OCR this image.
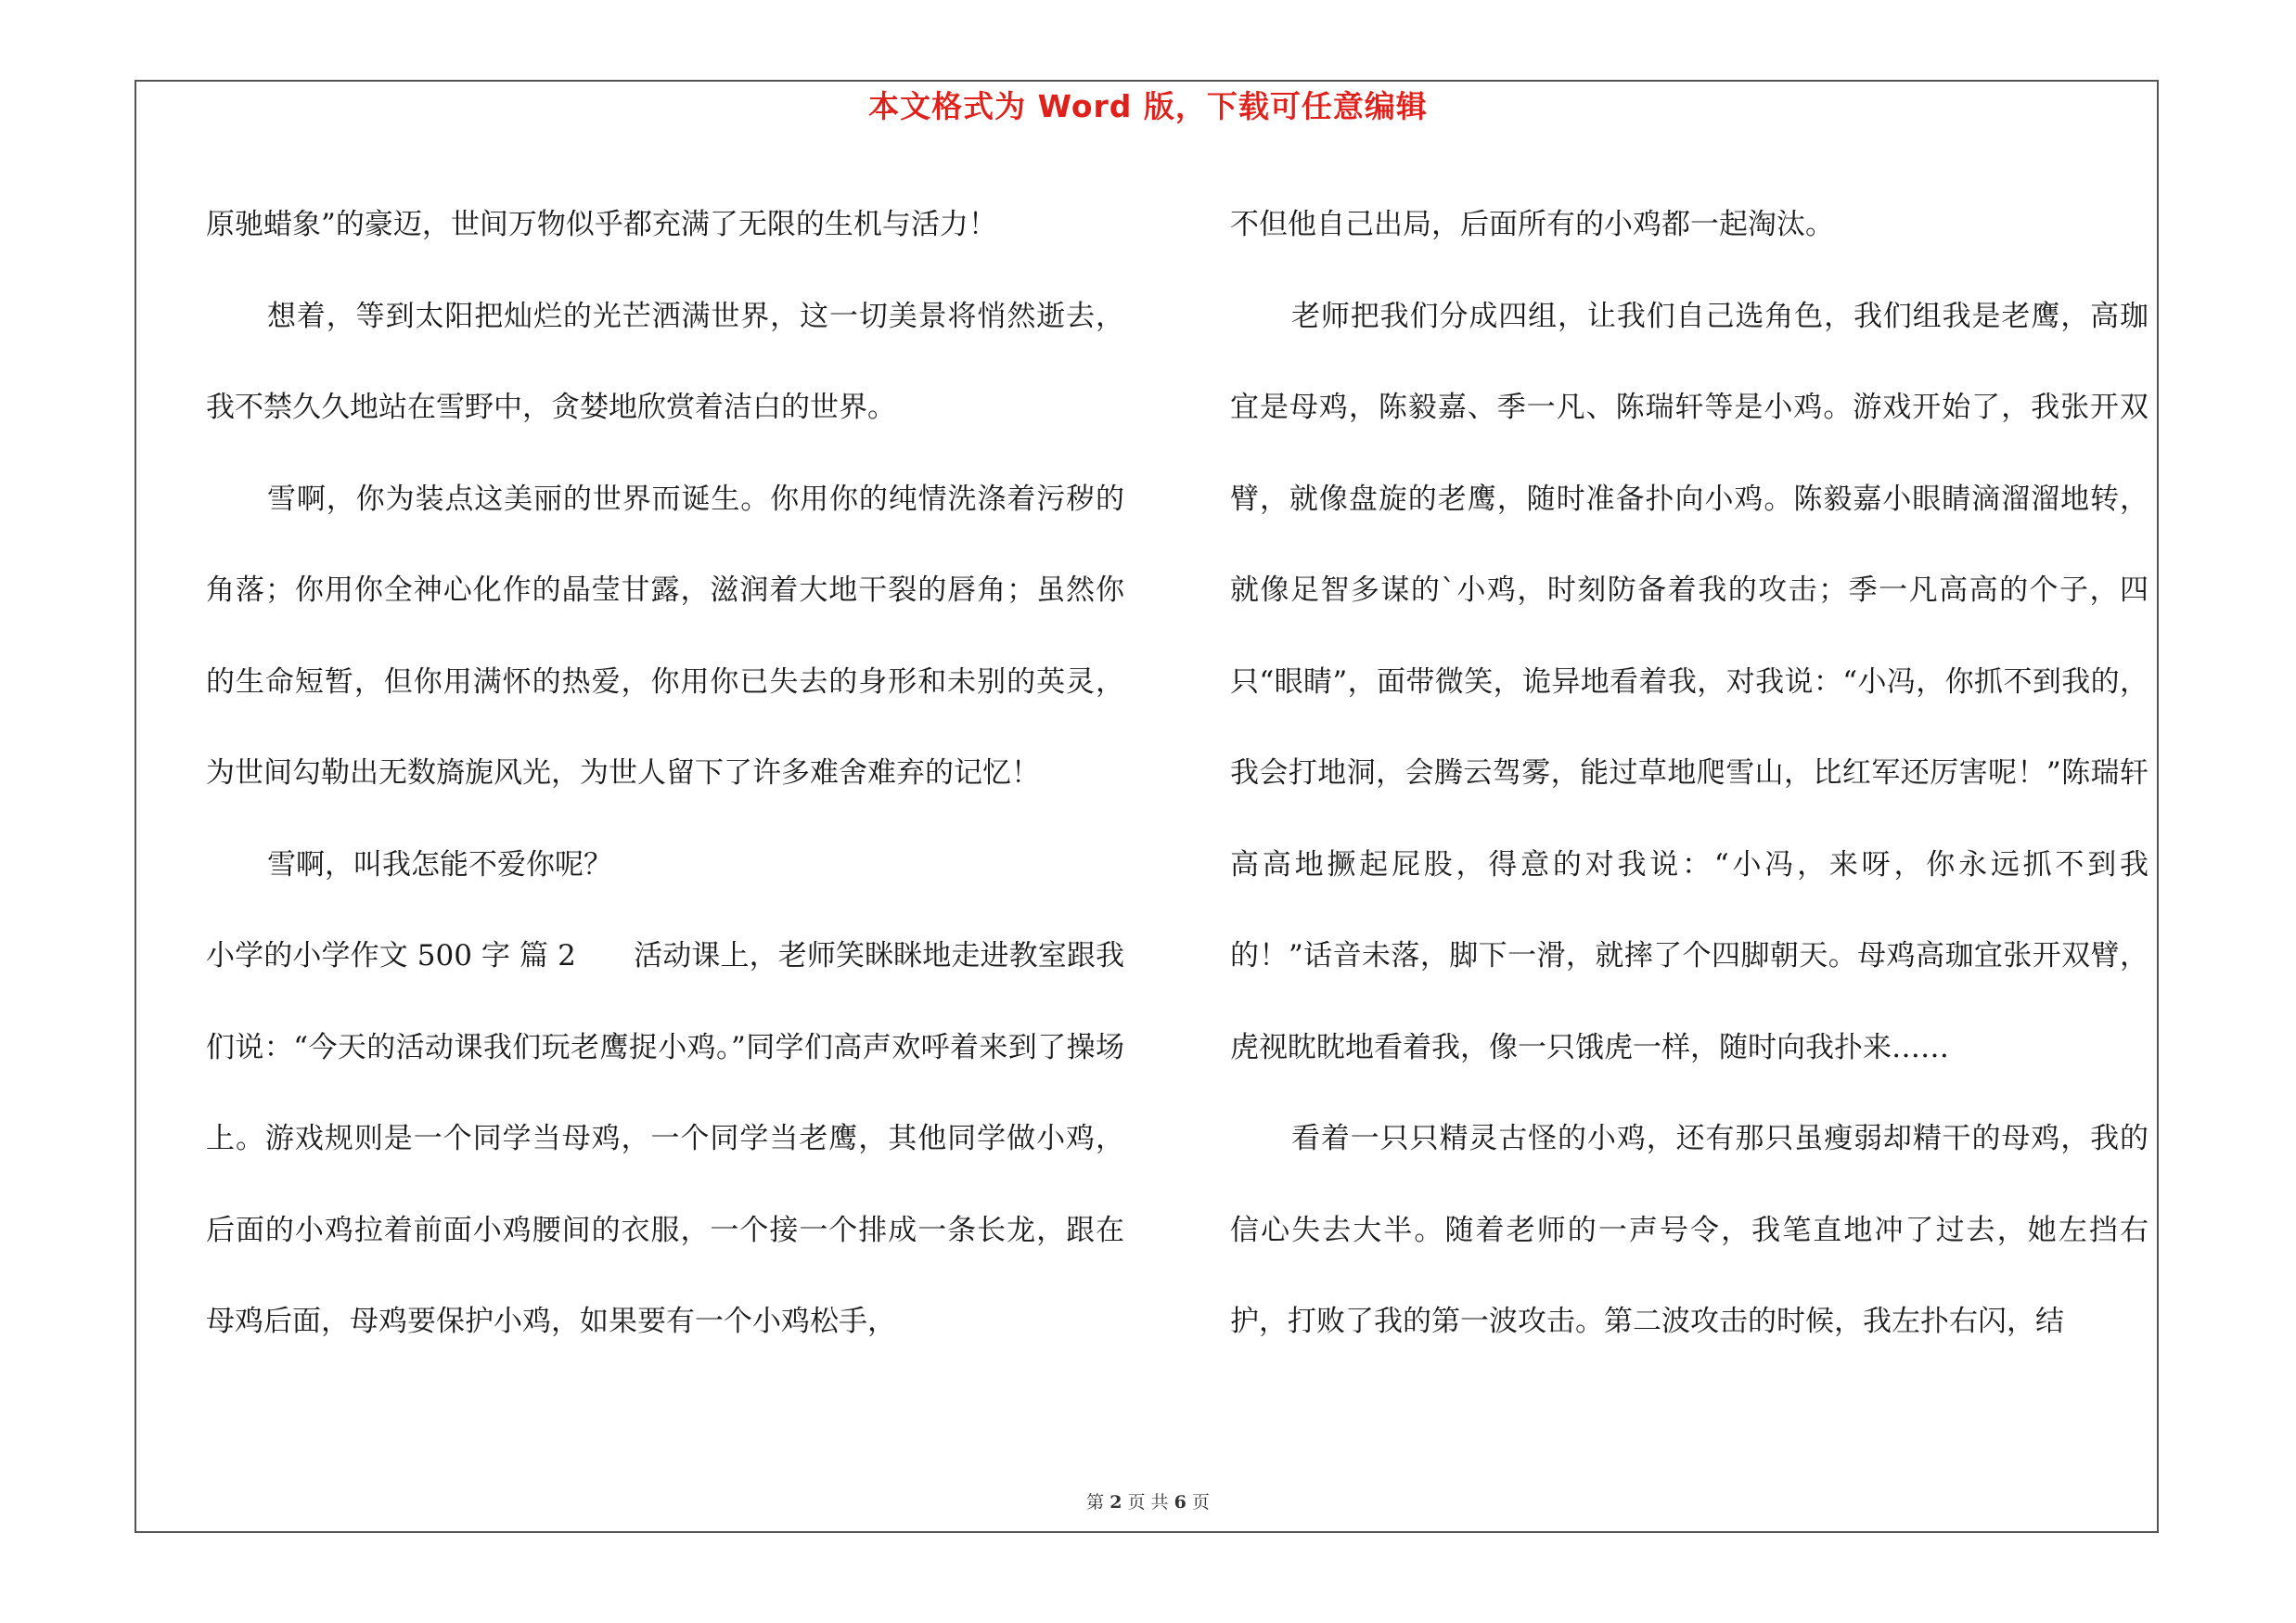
本文格式为 Word 版，下载可任意编辑

原驰蜡象”的豪迈，世间万物似乎都充满了无限的生机与活力！

想着，等到太阳把灿烂的光芒洒满世界，这一切美景将悄然逝去，我不禁久久地站在雪野中，贪婪地欣赏着洁白的世界。

雪啊，你为装点这美丽的世界而诞生。你用你的纯情洗涤着污秽的角落；你用你全神心化作的晶莹甘露，滋润着大地干裂的唇角；虽然你的生命短暂，但你用满怀的热爱，你用你已失去的身形和未别的英灵，为世间勾勒出无数旖旎风光，为世人留下了许多难舍难弃的记忆！

雪啊，叫我怎能不爱你呢？

小学的小学作文 500 字 篇 2　　活动课上，老师笑眯眯地走进教室跟我们说：“今天的活动课我们玩老鹰捉小鸡。”同学们高声欢呼着来到了操场上。游戏规则是一个同学当母鸡，一个同学当老鹰，其他同学做小鸡，后面的小鸡拉着前面小鸡腰间的衣服，一个接一个排成一条长龙，跟在母鸡后面，母鸡要保护小鸡，如果要有一个小鸡松手，

不但他自己出局，后面所有的小鸡都一起淘汰。

老师把我们分成四组，让我们自己选角色，我们组我是老鹰，高珈宜是母鸡，陈毅嘉、季一凡、陈瑞轩等是小鸡。游戏开始了，我张开双臂，就像盘旋的老鹰，随时准备扑向小鸡。陈毅嘉小眼睛滴溜溜地转，就像足智多谋的`小鸡，时刻防备着我的攻击；季一凡高高的个子，四只“眼睛”，面带微笑，诡异地看着我，对我说：“小冯，你抓不到我的，我会打地洞，会腾云驾雾，能过草地爬雪山，比红军还厉害呢！”陈瑞轩高高地撅起屁股，得意的对我说：“小冯，来呀，你永远抓不到我的！”话音未落，脚下一滑，就摔了个四脚朝天。母鸡高珈宜张开双臂，虎视眈眈地看着我，像一只饿虎一样，随时向我扑来……

看着一只只精灵古怪的小鸡，还有那只虽瘦弱却精干的母鸡，我的信心失去大半。随着老师的一声号令，我笔直地冲了过去，她左挡右护，打败了我的第一波攻击。第二波攻击的时候，我左扑右闪，结

第 2 页 共 6 页
